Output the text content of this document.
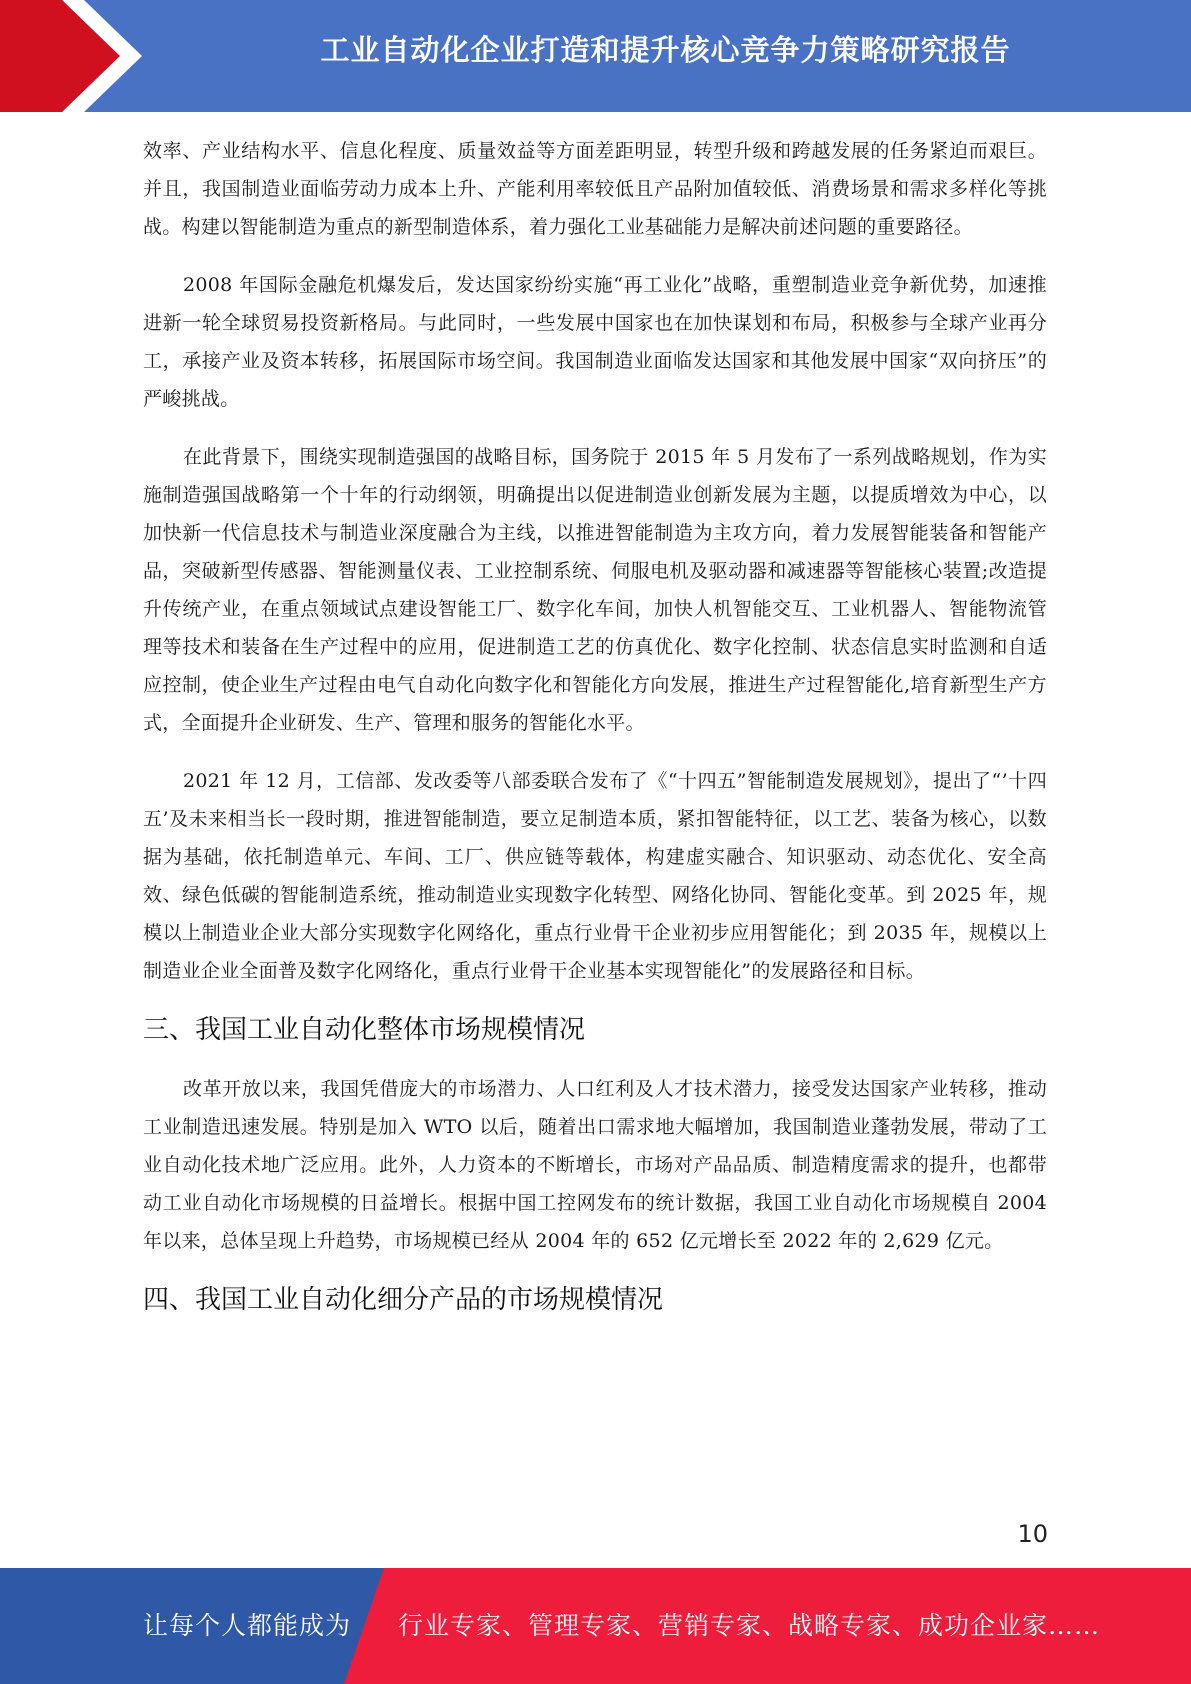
工业自动化企业打造和提升核心竞争力策略研究报告

效率、产业结构水平、信息化程度、质量效益等方面差距明显，转型升级和跨越发展的任务紧迫而艰巨。并且，我国制造业面临劳动力成本上升、产能利用率较低且产品附加值较低、消费场景和需求多样化等挑战。构建以智能制造为重点的新型制造体系，着力强化工业基础能力是解决前述问题的重要路径。

2008 年国际金融危机爆发后，发达国家纷纷实施“再工业化”战略，重塑制造业竞争新优势，加速推进新一轮全球贸易投资新格局。与此同时，一些发展中国家也在加快谋划和布局，积极参与全球产业再分工，承接产业及资本转移，拓展国际市场空间。我国制造业面临发达国家和其他发展中国家“双向挤压”的严峻挑战。

在此背景下，围绕实现制造强国的战略目标，国务院于 2015 年 5 月发布了一系列战略规划，作为实施制造强国战略第一个十年的行动纲领，明确提出以促进制造业创新发展为主题，以提质增效为中心，以加快新一代信息技术与制造业深度融合为主线，以推进智能制造为主攻方向，着力发展智能装备和智能产品，突破新型传感器、智能测量仪表、工业控制系统、伺服电机及驱动器和减速器等智能核心装置;改造提升传统产业，在重点领域试点建设智能工厂、数字化车间，加快人机智能交互、工业机器人、智能物流管理等技术和装备在生产过程中的应用，促进制造工艺的仿真优化、数字化控制、状态信息实时监测和自适应控制，使企业生产过程由电气自动化向数字化和智能化方向发展，推进生产过程智能化,培育新型生产方式，全面提升企业研发、生产、管理和服务的智能化水平。

2021 年 12 月，工信部、发改委等八部委联合发布了《“十四五”智能制造发展规划》，提出了“’十四五’及未来相当长一段时期，推进智能制造，要立足制造本质，紧扣智能特征，以工艺、装备为核心，以数据为基础，依托制造单元、车间、工厂、供应链等载体，构建虚实融合、知识驱动、动态优化、安全高效、绿色低碳的智能制造系统，推动制造业实现数字化转型、网络化协同、智能化变革。到 2025 年，规模以上制造业企业大部分实现数字化网络化，重点行业骨干企业初步应用智能化；到 2035 年，规模以上制造业企业全面普及数字化网络化，重点行业骨干企业基本实现智能化”的发展路径和目标。

三、我国工业自动化整体市场规模情况

改革开放以来，我国凭借庞大的市场潜力、人口红利及人才技术潜力，接受发达国家产业转移，推动工业制造迅速发展。特别是加入 WTO 以后，随着出口需求地大幅增加，我国制造业蓬勃发展，带动了工业自动化技术地广泛应用。此外，人力资本的不断增长，市场对产品品质、制造精度需求的提升，也都带动工业自动化市场规模的日益增长。根据中国工控网发布的统计数据，我国工业自动化市场规模自 2004 年以来，总体呈现上升趋势，市场规模已经从 2004 年的 652 亿元增长至 2022 年的 2,629 亿元。

四、我国工业自动化细分产品的市场规模情况
10
让每个人都能成为 行业专家、管理专家、营销专家、战略专家、成功企业家……
